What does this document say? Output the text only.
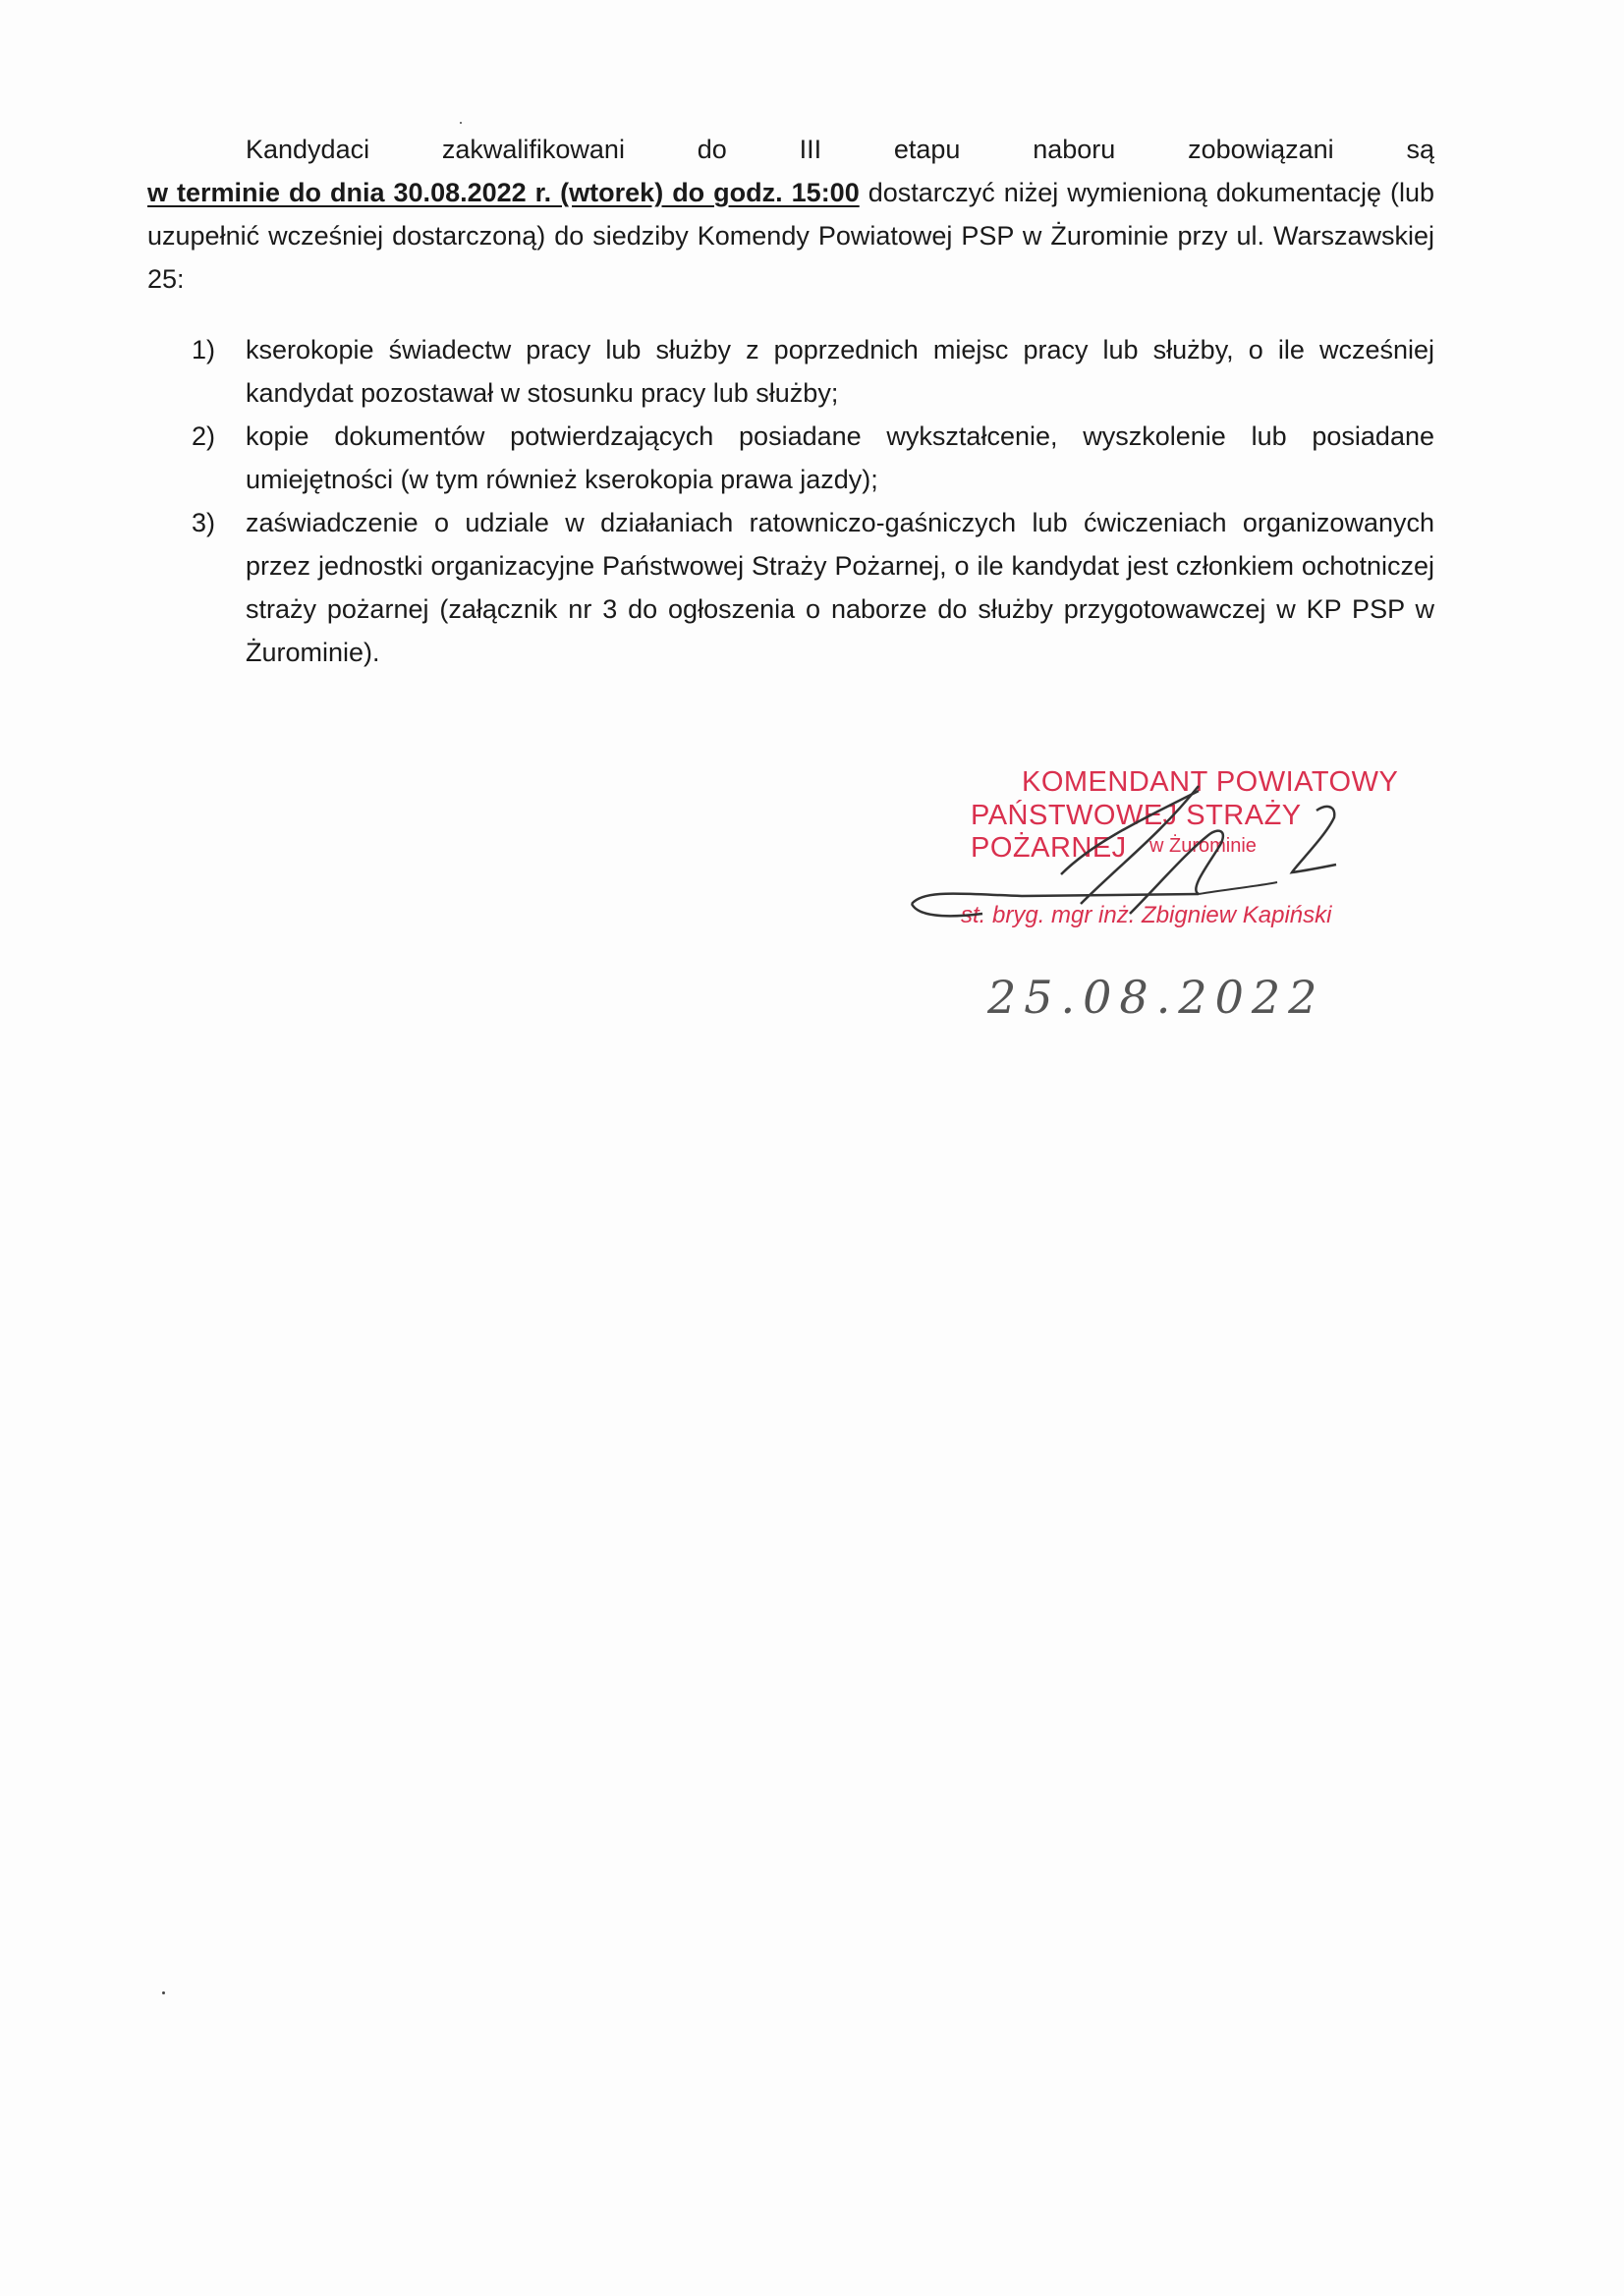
Kandydaci	zakwalifikowani	do	III	etapu	naboru	zobowiązani	są
w terminie do dnia 30.08.2022 r. (wtorek) do godz. 15:00 dostarczyć niżej wymienioną dokumentację (lub uzupełnić wcześniej dostarczoną) do siedziby Komendy Powiatowej PSP w Żurominie przy ul. Warszawskiej 25:
1)	kserokopie świadectw pracy lub służby z poprzednich miejsc pracy lub służby, o ile wcześniej kandydat pozostawał w stosunku pracy lub służby;
2)	kopie dokumentów potwierdzających posiadane wykształcenie, wyszkolenie lub posiadane umiejętności (w tym również kserokopia prawa jazdy);
3)	zaświadczenie o udziale w działaniach ratowniczo-gaśniczych lub ćwiczeniach organizowanych przez jednostki organizacyjne Państwowej Straży Pożarnej, o ile kandydat jest członkiem ochotniczej straży pożarnej (załącznik nr 3 do ogłoszenia o naborze do służby przygotowawczej w KP PSP w Żurominie).
KOMENDANT POWIATOWY
PAŃSTWOWEJ STRAŻY POŻARNEJ	w Żurominie
st. bryg. mgr inż. Zbigniew Kapiński
25.08.2022
